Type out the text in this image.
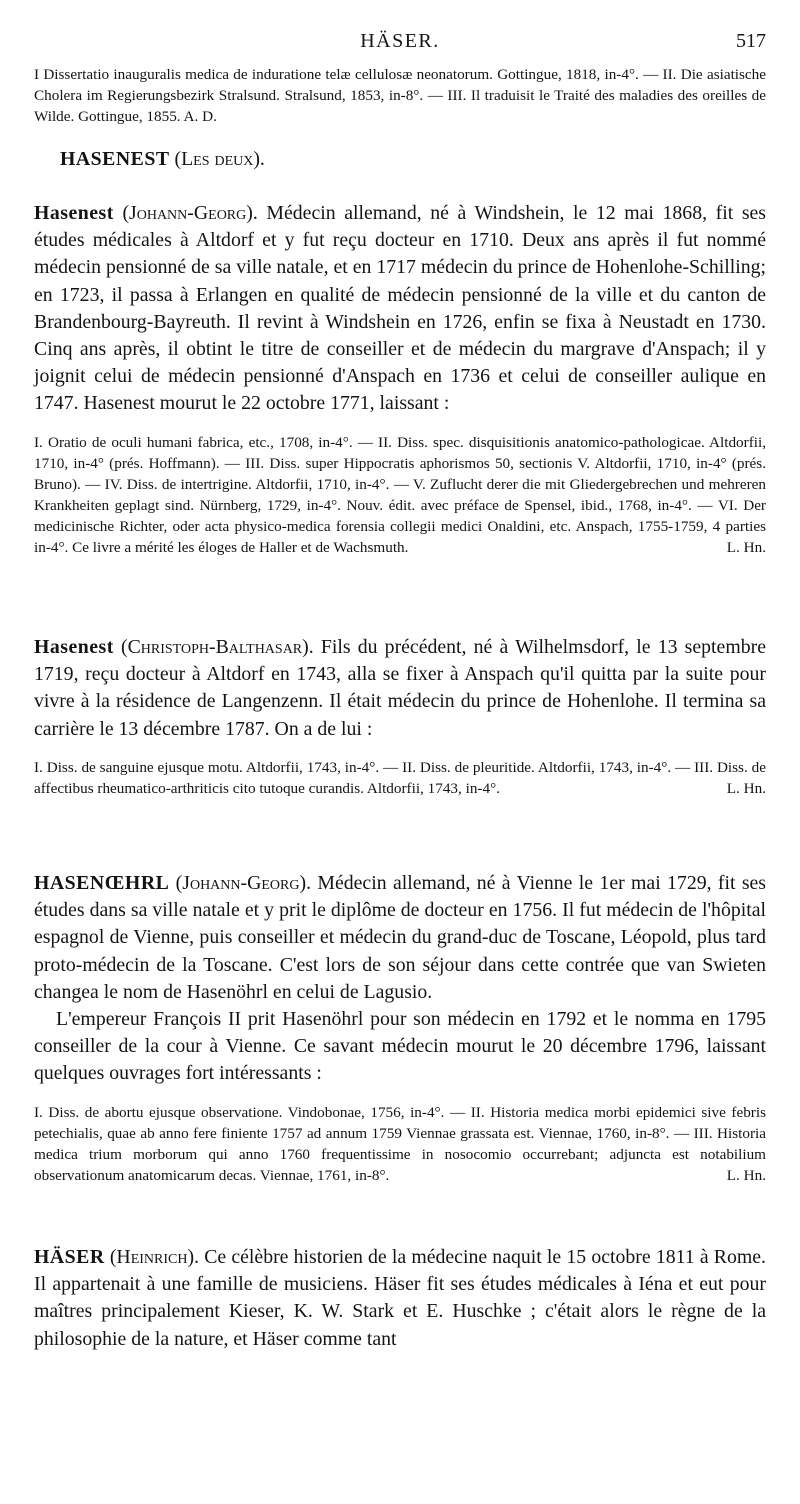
HÄSER.	517

I Dissertatio inauguralis medica de induratione telæ cellulosæ neonatorum. Gottingue, 1818, in-4°. — II. Die asiatische Cholera im Regierungsbezirk Stralsund. Stralsund, 1853, in-8°. — III. Il traduisit le Traité des maladies des oreilles de Wilde. Gottingue, 1855. A. D.

HASENEST (Les deux).

Hasenest (Johann-Georg). Médecin allemand, né à Windshein, le 12 mai 1868, fit ses études médicales à Altdorf et y fut reçu docteur en 1710. Deux ans après il fut nommé médecin pensionné de sa ville natale, et en 1717 médecin du prince de Hohenlohe-Schilling; en 1723, il passa à Erlangen en qualité de médecin pensionné de la ville et du canton de Brandenbourg-Bayreuth. Il revint à Windshein en 1726, enfin se fixa à Neustadt en 1730. Cinq ans après, il obtint le titre de conseiller et de médecin du margrave d'Anspach; il y joignit celui de médecin pensionné d'Anspach en 1736 et celui de conseiller aulique en 1747. Hasenest mourut le 22 octobre 1771, laissant :

I. Oratio de oculi humani fabrica, etc., 1708, in-4°. — II. Diss. spec. disquisitionis anatomico-pathologicae. Altdorfii, 1710, in-4° (prés. Hoffmann). — III. Diss. super Hippocratis aphorismos 50, sectionis V. Altdorfii, 1710, in-4° (prés. Bruno). — IV. Diss. de intertrigine. Altdorfii, 1710, in-4°. — V. Zuflucht derer die mit Gliedergebrechen und mehreren Krankheiten geplagt sind. Nürnberg, 1729, in-4°. Nouv. édit. avec préface de Spensel, ibid., 1768, in-4°. — VI. Der medicinische Richter, oder acta physico-medica forensia collegii medici Onaldini, etc. Anspach, 1755-1759, 4 parties in-4°. Ce livre a mérité les éloges de Haller et de Wachsmuth.	L. Hn.

Hasenest (Christoph-Balthasar). Fils du précédent, né à Wilhelmsdorf, le 13 septembre 1719, reçu docteur à Altdorf en 1743, alla se fixer à Anspach qu'il quitta par la suite pour vivre à la résidence de Langenzenn. Il était médecin du prince de Hohenlohe. Il termina sa carrière le 13 décembre 1787. On a de lui :

I. Diss. de sanguine ejusque motu. Altdorfii, 1743, in-4°. — II. Diss. de pleuritide. Altdorfii, 1743, in-4°. — III. Diss. de affectibus rheumatico-arthriticis cito tutoque curandis. Altdorfii, 1743, in-4°.	L. Hn.

HASENŒHRL (Johann-Georg). Médecin allemand, né à Vienne le 1er mai 1729, fit ses études dans sa ville natale et y prit le diplôme de docteur en 1756. Il fut médecin de l'hôpital espagnol de Vienne, puis conseiller et médecin du grand-duc de Toscane, Léopold, plus tard proto-médecin de la Toscane. C'est lors de son séjour dans cette contrée que van Swieten changea le nom de Hasenöhrl en celui de Lagusio.

L'empereur François II prit Hasenöhrl pour son médecin en 1792 et le nomma en 1795 conseiller de la cour à Vienne. Ce savant médecin mourut le 20 décembre 1796, laissant quelques ouvrages fort intéressants :

I. Diss. de abortu ejusque observatione. Vindobonae, 1756, in-4°. — II. Historia medica morbi epidemici sive febris petechialis, quae ab anno fere finiente 1757 ad annum 1759 Viennae grassata est. Viennae, 1760, in-8°. — III. Historia medica trium morborum qui anno 1760 frequentissime in nosocomio occurrebant; adjuncta est notabilium observationum anatomicarum decas. Viennae, 1761, in-8°.	L. Hn.

HÄSER (Heinrich). Ce célèbre historien de la médecine naquit le 15 octobre 1811 à Rome. Il appartenait à une famille de musiciens. Häser fit ses études médicales à Iéna et eut pour maîtres principalement Kieser, K. W. Stark et E. Huschke ; c'était alors le règne de la philosophie de la nature, et Häser comme tant
